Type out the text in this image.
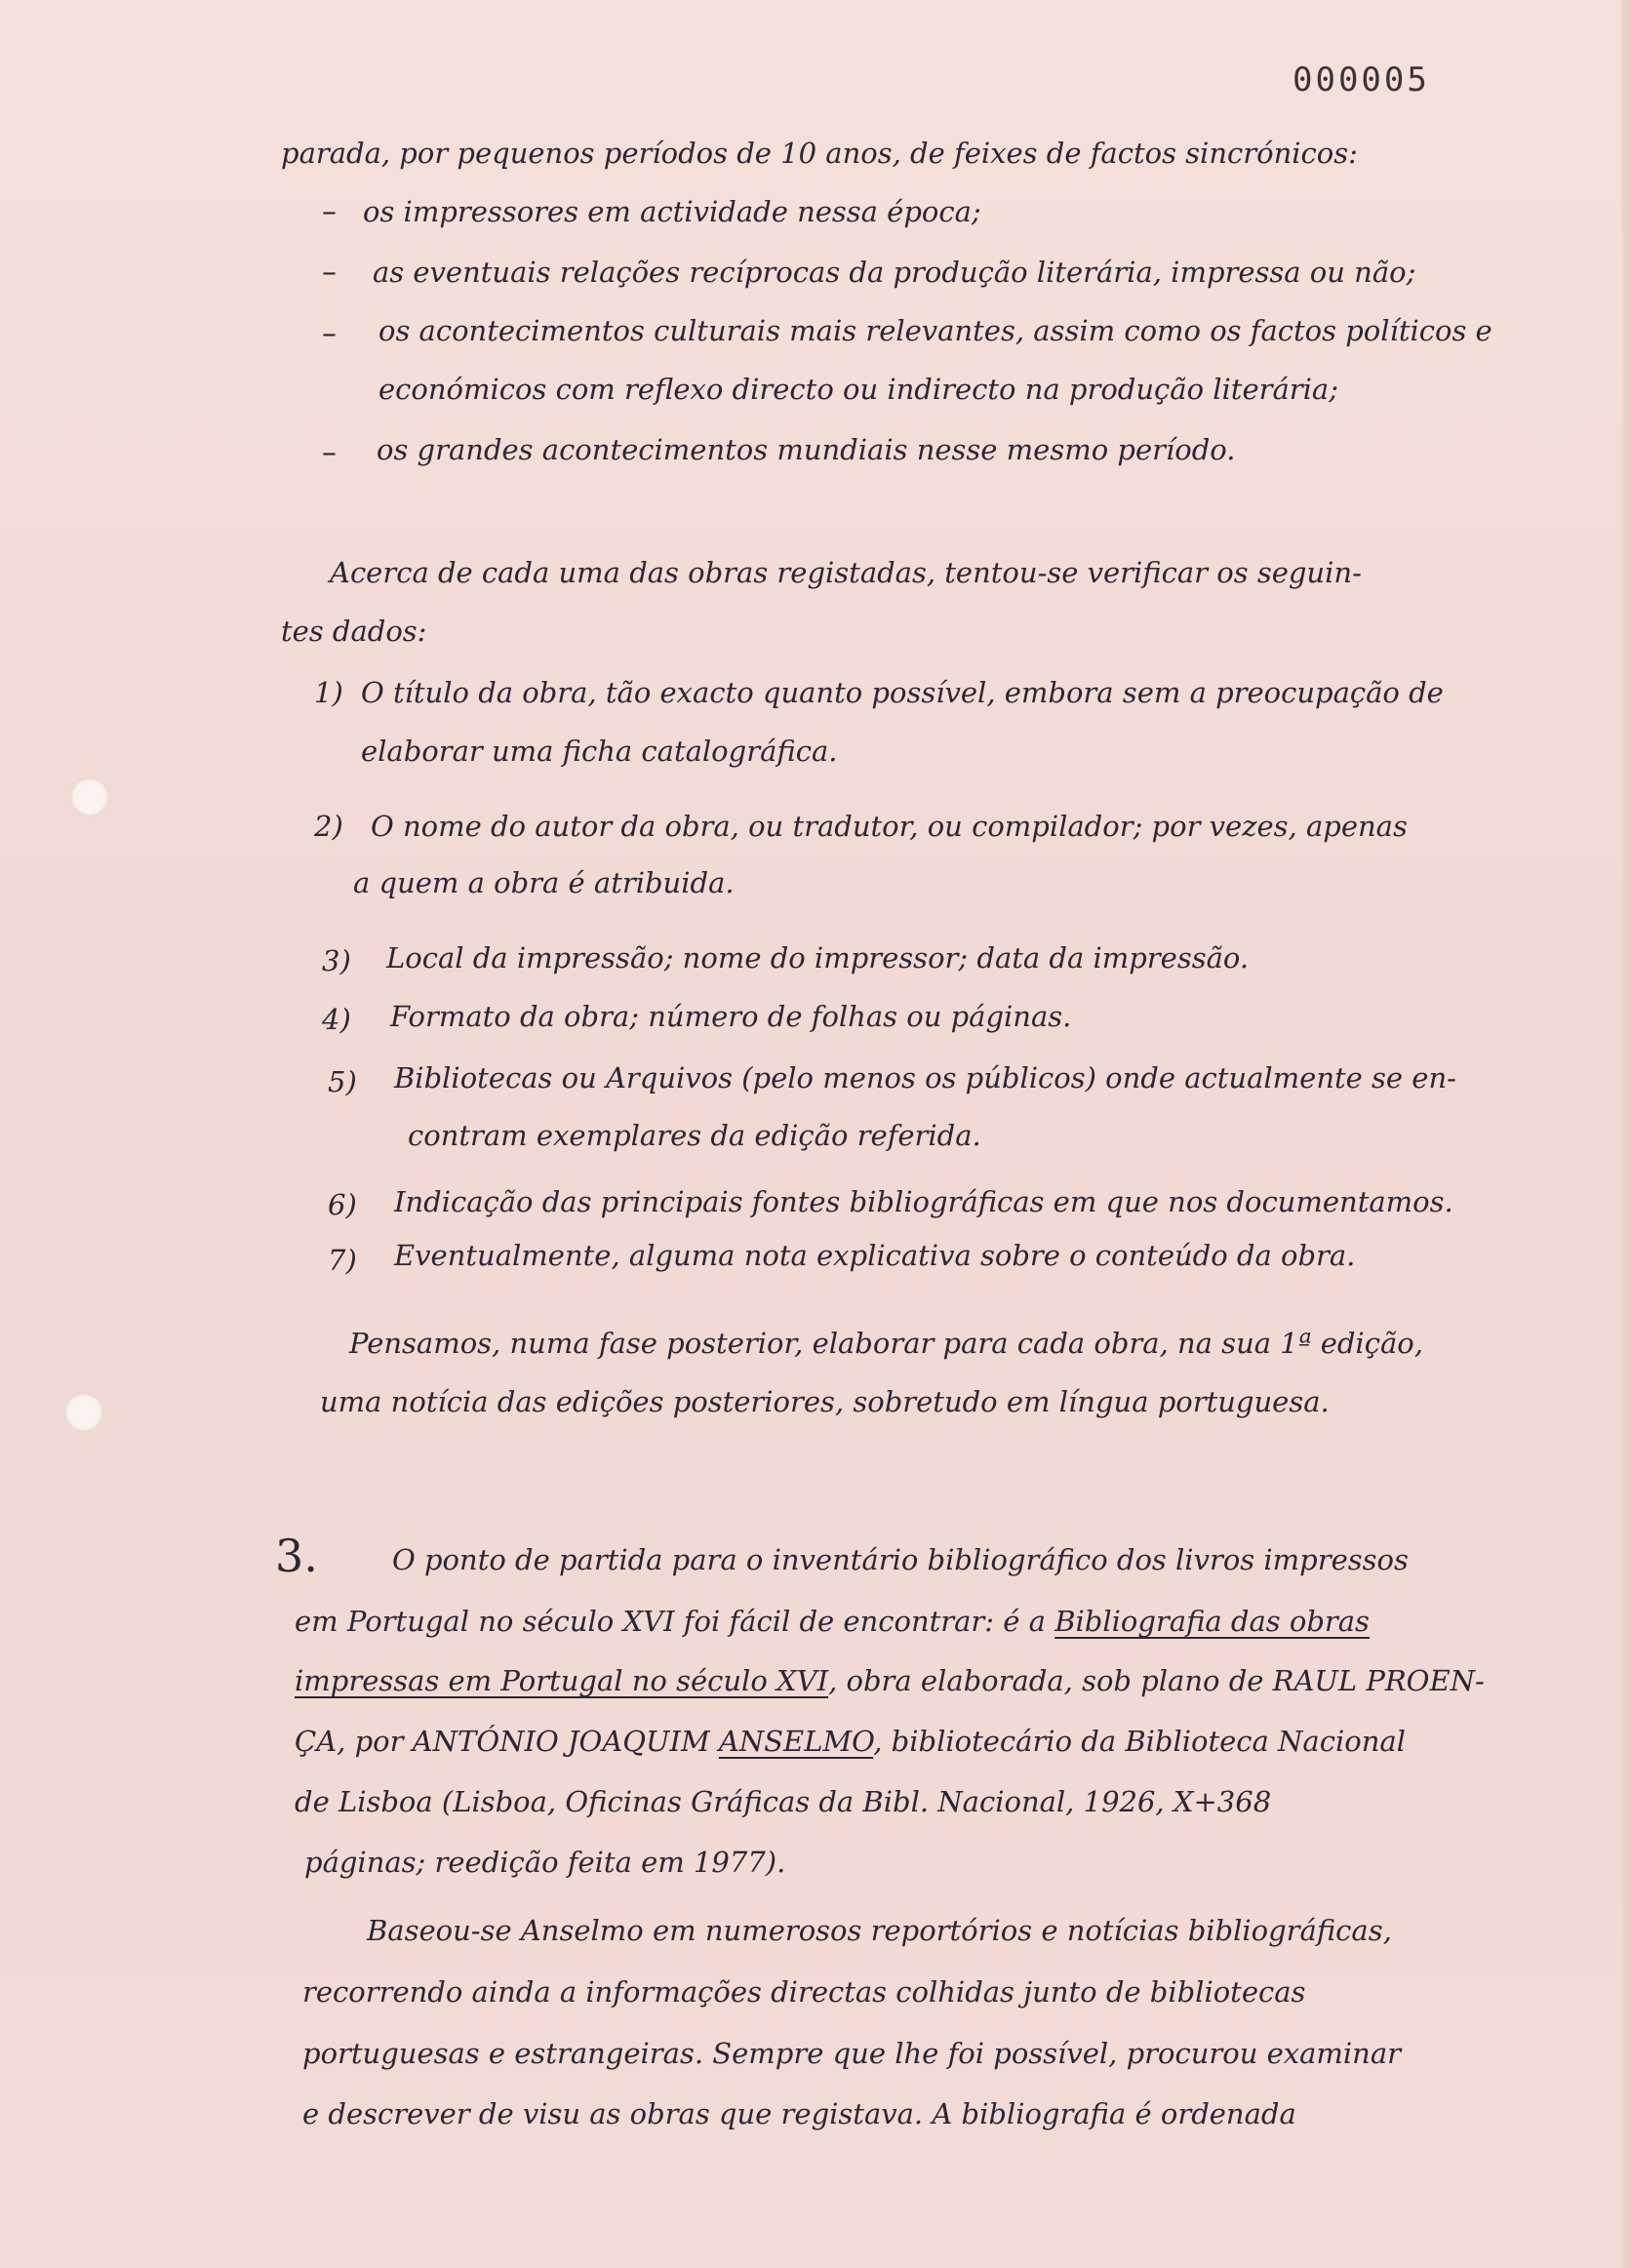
000005
parada, por pequenos períodos de 10 anos, de feixes de factos sincrónicos:
– os impressores em actividade nessa época;
– as eventuais relações recíprocas da produção literária, impressa ou não;
– os acontecimentos culturais mais relevantes, assim como os factos políticos e
económicos com reflexo directo ou indirecto na produção literária;
– os grandes acontecimentos mundiais nesse mesmo período.
Acerca de cada uma das obras registadas, tentou-se verificar os seguin-
tes dados:
1) O título da obra, tão exacto quanto possível, embora sem a preocupação de
elaborar uma ficha catalográfica.
2) O nome do autor da obra, ou tradutor, ou compilador; por vezes, apenas
a quem a obra é atribuida.
3) Local da impressão; nome do impressor; data da impressão.
4) Formato da obra; número de folhas ou páginas.
5) Bibliotecas ou Arquivos (pelo menos os públicos) onde actualmente se en-
contram exemplares da edição referida.
6) Indicação das principais fontes bibliográficas em que nos documentamos.
7) Eventualmente, alguma nota explicativa sobre o conteúdo da obra.
Pensamos, numa fase posterior, elaborar para cada obra, na sua 1ª edição,
uma notícia das edições posteriores, sobretudo em língua portuguesa.
3.	O ponto de partida para o inventário bibliográfico dos livros impressos
em Portugal no século XVI foi fácil de encontrar: é a Bibliografia das obras
impressas em Portugal no século XVI, obra elaborada, sob plano de RAUL PROEN-
ÇA, por ANTÓNIO JOAQUIM ANSELMO, bibliotecário da Biblioteca Nacional
de Lisboa (Lisboa, Oficinas Gráficas da Bibl. Nacional, 1926, X+368
páginas; reedição feita em 1977).
Baseou-se Anselmo em numerosos reportórios e notícias bibliográficas,
recorrendo ainda a informações directas colhidas junto de bibliotecas
portuguesas e estrangeiras. Sempre que lhe foi possível, procurou examinar
e descrever de visu as obras que registava. A bibliografia é ordenada
